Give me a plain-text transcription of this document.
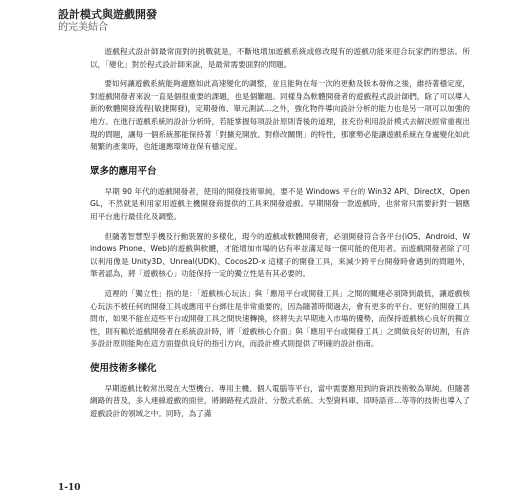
設計模式與遊戲開發
的完美結合

遊戲程式設計師最常面對的挑戰就是，不斷地增加遊戲系統或修改現有的遊戲功能來迎合玩家們的想法。所以，「變化」對於程式設計師來說，是最常需要面對的問題。

要如何讓遊戲系統能夠適應如此高速變化的調整，並且能夠在每一次的更動及版本發佈之後，維持著穩定度，對遊戲開發者來說一直是個很重要的課題，也是個難題。同樣身為軟體開發者的遊戲程式設計師們，除了可以導入新的軟體開發流程(敏捷開發)，定期發佈、單元測試…之外，強化物件導向設計分析的能力也是另一項可以加強的地方。在進行遊戲系統的設計分析時，若能掌握每項設計原則背後的道理，並充份利用設計模式去解決經常重複出現的問題，讓每一個系統都能保持著「對擴充開放、對修改關閉」的特性，那麼勢必能讓遊戲系統在身處變化如此頻繁的產業時，也能適應環境並保有穩定度。

眾多的應用平台

早期 90 年代的遊戲開發者，使用的開發技術單純，要不是 Windows 平台的 Win32 API、DirectX、OpenGL，不然就是利用家用遊戲主機開發商提供的工具來開發遊戲。早期開發一款遊戲時，也常常只需要針對一個應用平台進行最佳化及調整。

但隨著智慧型手機及行動裝置的多樣化，現今的遊戲或軟體開發者，必須開發符合各平台(iOS、Android、Windows Phone、Web)的遊戲與軟體，才能增加市場的佔有率並滿足每一個可能的使用者。而遊戲開發者除了可以利用像是 Unity3D、Unreal(UDK)、Cocos2D-x 這樣子的開發工具，來減少跨平台開發時會遇到的問題外，筆者認為，將「遊戲核心」功能保持一定的獨立性是有其必要的。

這裡的「獨立性」指的是：「遊戲核心玩法」與「應用平台或開發工具」之間的關連必須降到最低，讓遊戲核心玩法不被任何的開發工具或應用平台綁住是非常重要的，因為隨著時間過去，會有更多的平台、更好的開發工具問市，如果不能在這些平台或開發工具之間快速轉換，終將失去早期進入市場的優勢，而保持遊戲核心良好的獨立性，則有賴於遊戲開發者在系統設計時，將「遊戲核心介面」與「應用平台或開發工具」之間做良好的切割，有許多設計原則能夠在這方面提供良好的指引方向，而設計模式則提供了明確的設計指南。

使用技術多樣化

早期遊戲比較常出現在大型機台、專用主機、個人電腦等平台，當中需要應用到的資訊技術較為單純。但隨著網路的普及，多人連線遊戲的面世，將網路程式設計、分散式系統、大型資料庫、即時語音…等等的技術也導入了遊戲設計的領域之中。同時，為了滿

1-10
